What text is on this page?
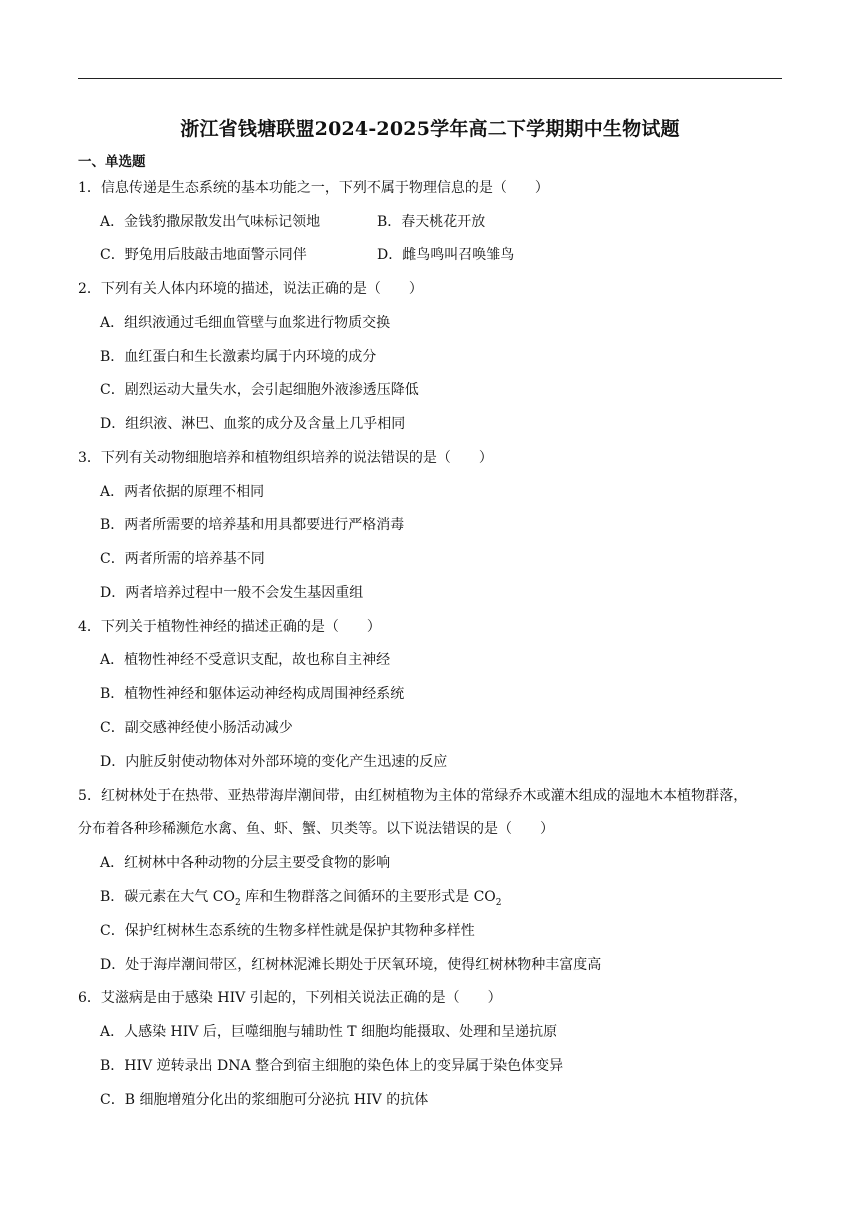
浙江省钱塘联盟2024-2025学年高二下学期期中生物试题
一、单选题
1．信息传递是生态系统的基本功能之一，下列不属于物理信息的是（　　）
A．金钱豹撒尿散发出气味标记领地	B．春天桃花开放
C．野兔用后肢敲击地面警示同伴	D．雌鸟鸣叫召唤雏鸟
2．下列有关人体内环境的描述，说法正确的是（　　）
A．组织液通过毛细血管壁与血浆进行物质交换
B．血红蛋白和生长激素均属于内环境的成分
C．剧烈运动大量失水，会引起细胞外液渗透压降低
D．组织液、淋巴、血浆的成分及含量上几乎相同
3．下列有关动物细胞培养和植物组织培养的说法错误的是（　　）
A．两者依据的原理不相同
B．两者所需要的培养基和用具都要进行严格消毒
C．两者所需的培养基不同
D．两者培养过程中一般不会发生基因重组
4．下列关于植物性神经的描述正确的是（　　）
A．植物性神经不受意识支配，故也称自主神经
B．植物性神经和躯体运动神经构成周围神经系统
C．副交感神经使小肠活动减少
D．内脏反射使动物体对外部环境的变化产生迅速的反应
5．红树林处于在热带、亚热带海岸潮间带，由红树植物为主体的常绿乔木或灌木组成的湿地木本植物群落，
分布着各种珍稀濒危水禽、鱼、虾、蟹、贝类等。以下说法错误的是（　　）
A．红树林中各种动物的分层主要受食物的影响
B．碳元素在大气 $CO_2$ 库和生物群落之间循环的主要形式是 $CO_2$
C．保护红树林生态系统的生物多样性就是保护其物种多样性
D．处于海岸潮间带区，红树林泥滩长期处于厌氧环境，使得红树林物种丰富度高
6．艾滋病是由于感染 HIV 引起的，下列相关说法正确的是（　　）
A．人感染 HIV 后，巨噬细胞与辅助性 T 细胞均能摄取、处理和呈递抗原
B．HIV 逆转录出 DNA 整合到宿主细胞的染色体上的变异属于染色体变异
C．B 细胞增殖分化出的浆细胞可分泌抗 HIV 的抗体
